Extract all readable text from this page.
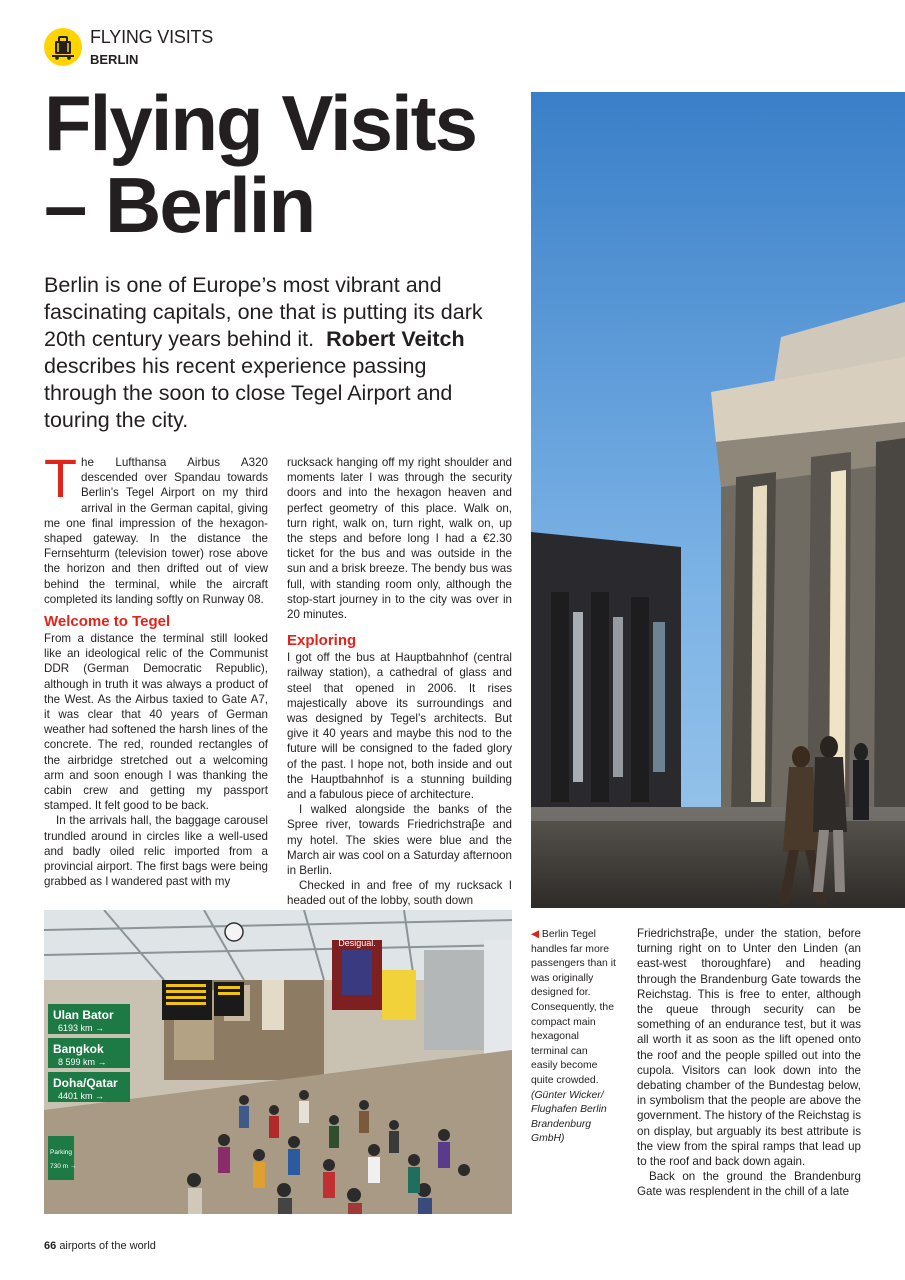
FLYING VISITS
BERLIN
Flying Visits
– Berlin
Berlin is one of Europe’s most vibrant and fascinating capitals, one that is putting its dark 20th century years behind it. Robert Veitch describes his recent experience passing through the soon to close Tegel Airport and touring the city.

The Lufthansa Airbus A320 descended over Spandau towards Berlin’s Tegel Airport on my third arrival in the German capital, giving me one final impression of the hexagon-shaped gateway. In the distance the Fernsehturm (television tower) rose above the horizon and then drifted out of view behind the terminal, while the aircraft completed its landing softly on Runway 08.

Welcome to Tegel

From a distance the terminal still looked like an ideological relic of the Communist DDR (German Democratic Republic), although in truth it was always a product of the West. As the Airbus taxied to Gate A7, it was clear that 40 years of German weather had softened the harsh lines of the concrete. The red, rounded rectangles of the airbridge stretched out a welcoming arm and soon enough I was thanking the cabin crew and getting my passport stamped. It felt good to be back.

In the arrivals hall, the baggage carousel trundled around in circles like a well-used and badly oiled relic imported from a provincial airport. The first bags were being grabbed as I wandered past with my

rucksack hanging off my right shoulder and moments later I was through the security doors and into the hexagon heaven and perfect geometry of this place. Walk on, turn right, walk on, turn right, walk on, up the steps and before long I had a €2.30 ticket for the bus and was outside in the sun and a brisk breeze. The bendy bus was full, with standing room only, although the stop-start journey in to the city was over in 20 minutes.

Exploring

I got off the bus at Hauptbahnhof (central railway station), a cathedral of glass and steel that opened in 2006. It rises majestically above its surroundings and was designed by Tegel’s architects. But give it 40 years and maybe this nod to the future will be consigned to the faded glory of the past. I hope not, both inside and out the Hauptbahnhof is a stunning building and a fabulous piece of architecture.

I walked alongside the banks of the Spree river, towards Friedrichstraβe and my hotel. The skies were blue and the March air was cool on a Saturday afternoon in Berlin.

Checked in and free of my rucksack I headed out of the lobby, south down

Desigual.
Ulan Bator
6193 km →
Bangkok
8 599 km →
Doha/Qatar
4401 km →
Parking
730 m →
◀ Berlin Tegel handles far more passengers than it was originally designed for. Consequently, the compact main hexagonal terminal can easily become quite crowded. (Günter Wicker/ Flughafen Berlin Brandenburg GmbH)

Friedrichstraβe, under the station, before turning right on to Unter den Linden (an east-west thoroughfare) and heading through the Brandenburg Gate towards the Reichstag. This is free to enter, although the queue through security can be something of an endurance test, but it was all worth it as soon as the lift opened onto the roof and the people spilled out into the cupola. Visitors can look down into the debating chamber of the Bundestag below, in symbolism that the people are above the government. The history of the Reichstag is on display, but arguably its best attribute is the view from the spiral ramps that lead up to the roof and back down again.

Back on the ground the Brandenburg Gate was resplendent in the chill of a late

66 airports of the world
